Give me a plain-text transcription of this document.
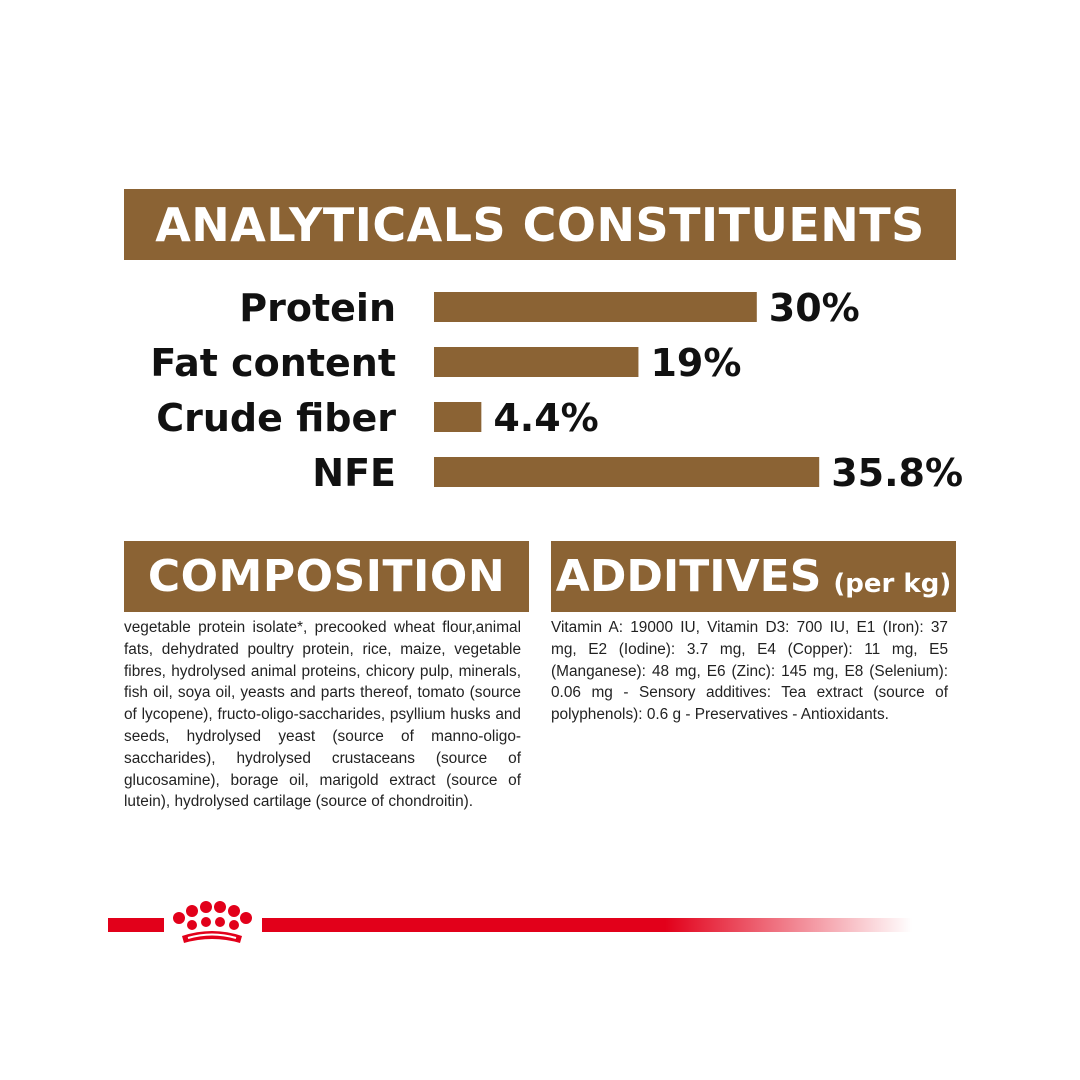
ANALYTICALS CONSTITUENTS
Protein	30%
Fat content	19%
Crude fiber	4.4%
NFE	35.8%
COMPOSITION ADDITIVES (per kg)
vegetable protein isolate*, precooked wheat flour,animal fats, dehydrated poultry protein, rice, maize, vegetable fibres, hydrolysed animal proteins, chicory pulp, minerals, fish oil, soya oil, yeasts and parts thereof, tomato (source of lycopene), fructo-oligo-saccharides, psyllium husks and seeds, hydrolysed yeast (source of manno-oligo-saccharides), hydrolysed crustaceans (source of glucosamine), borage oil, marigold extract (source of lutein), hydrolysed cartilage (source of chondroitin).
Vitamin A: 19000 IU, Vitamin D3: 700 IU, E1 (Iron): 37 mg, E2 (Iodine): 3.7 mg, E4 (Copper): 11 mg, E5 (Manganese): 48 mg, E6 (Zinc): 145 mg, E8 (Selenium): 0.06 mg - Sensory additives: Tea extract (source of polyphenols): 0.6 g - Preservatives - Antioxidants.
